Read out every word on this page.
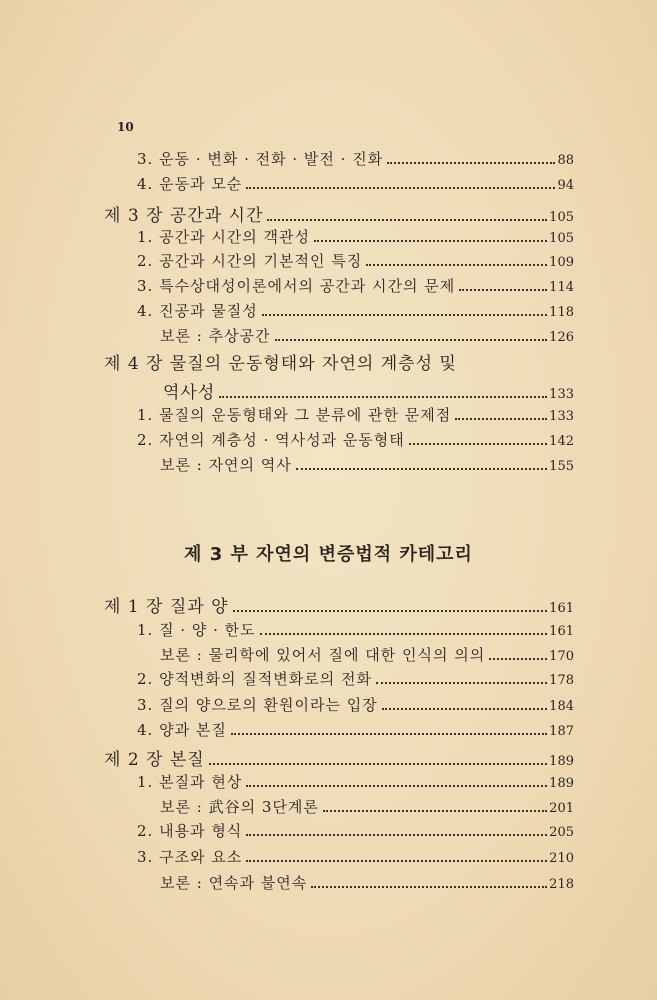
10
3. 운동 · 변화 · 전화 · 발전 · 진화	88
4. 운동과 모순	94
제 3 장 공간과 시간	105
1. 공간과 시간의 객관성	105
2. 공간과 시간의 기본적인 특징	109
3. 특수상대성이론에서의 공간과 시간의 문제	114
4. 진공과 물질성	118
보론 : 추상공간	126
제 4 장 물질의 운동형태와 자연의 계층성 및
역사성	133
1. 물질의 운동형태와 그 분류에 관한 문제점	133
2. 자연의 계층성 · 역사성과 운동형태	142
보론 : 자연의 역사	155
제 3 부 자연의 변증법적 카테고리
제 1 장 질과 양	161
1. 질 · 양 · 한도	161
보론 : 물리학에 있어서 질에 대한 인식의 의의	170
2. 양적변화의 질적변화로의 전화	178
3. 질의 양으로의 환원이라는 입장	184
4. 양과 본질	187
제 2 장 본질	189
1. 본질과 현상	189
보론 : 武谷의 3단계론	201
2. 내용과 형식	205
3. 구조와 요소	210
보론 : 연속과 불연속	218
